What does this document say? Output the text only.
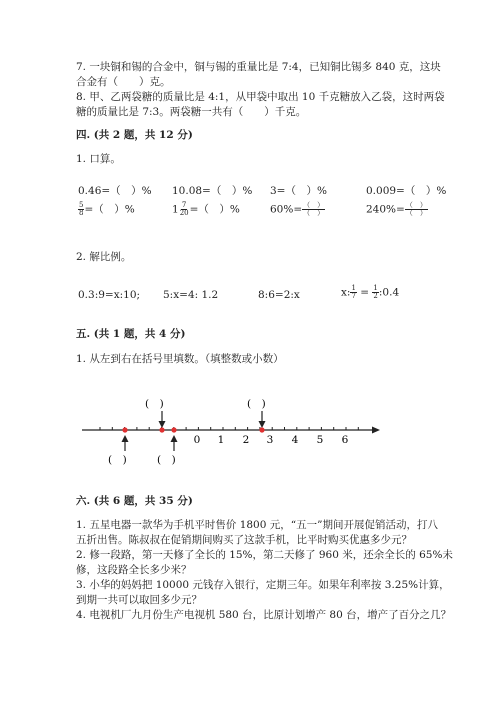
7. 一块铜和锡的合金中，铜与锡的重量比是 7:4，已知铜比锡多 840 克，这块
合金有（　　）克。
8. 甲、乙两袋糖的质量比是 4:1，从甲袋中取出 10 千克糖放入乙袋，这时两袋
糖的质量比是 7:3。两袋糖一共有（　　）千克。
四. (共 2 题，共 12 分)
1. 口算。
0.46=（　）% 10.08=（　）% 3=（　）%	0.009=（　）%
$\frac{5}{8}$ =（　）%	$1 \frac{7}{20}$ =（　）%	$60\%= \frac{( )}{( )}$	$240\%= \frac{( )}{( )}$
2. 解比例。
0.3:9=x:10; 5:x=4: 1.2	8:6=2:x	x: $\frac{1}{7} = \frac{1}{2}$ :0.4
五. (共 1 题，共 4 分)
1. 从左到右在括号里填数。（填整数或小数）
(　)	(　)
0 1 2 3 4 5 6
(　)	(　)
六. (共 6 题，共 35 分)
1. 五星电器一款华为手机平时售价 1800 元，“五一”期间开展促销活动，打八
五折出售。陈叔叔在促销期间购买了这款手机，比平时购买优惠多少元？
2. 修一段路，第一天修了全长的 15%，第二天修了 960 米，还余全长的 65%未
修，这段路全长多少米？
3. 小华的妈妈把 10000 元钱存入银行，定期三年。如果年利率按 3.25%计算，
到期一共可以取回多少元？
4. 电视机厂九月份生产电视机 580 台，比原计划增产 80 台，增产了百分之几？
